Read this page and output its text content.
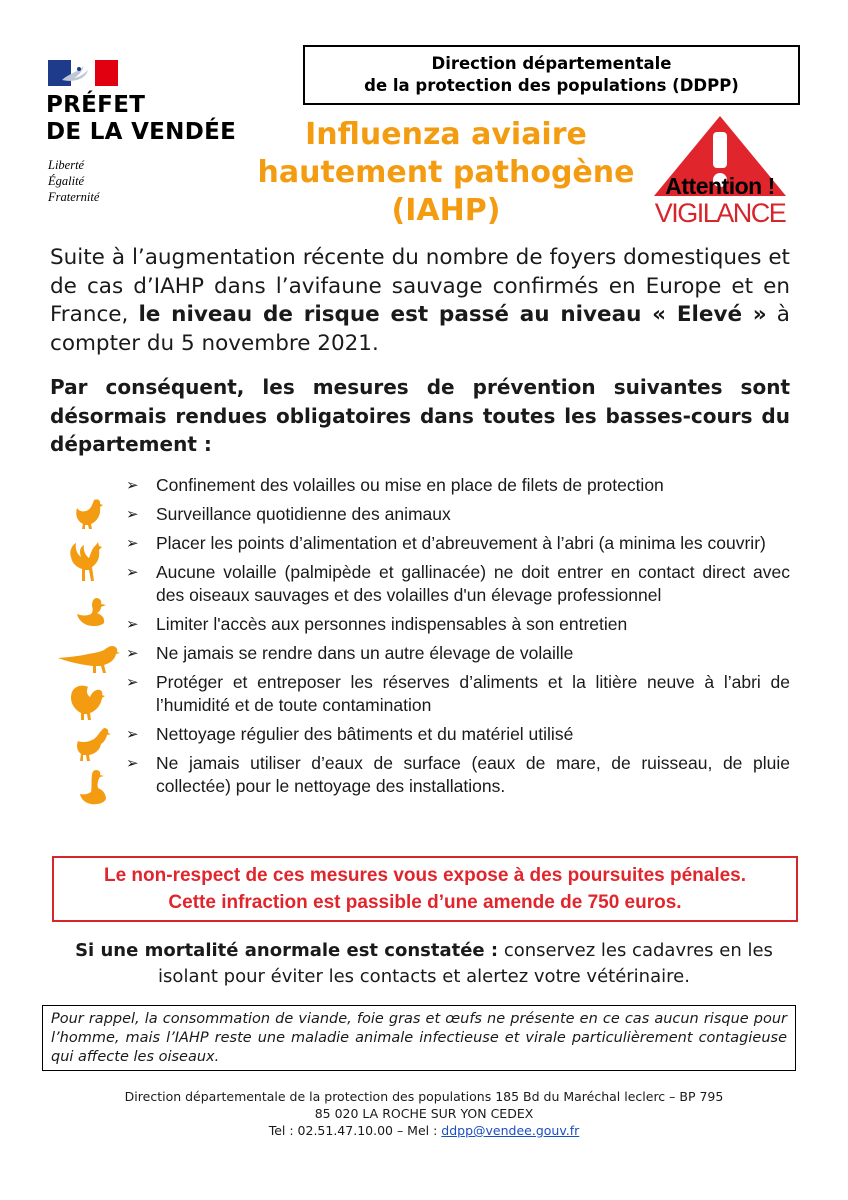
PRÉFET
DE LA VENDÉE
Liberté
Égalité
Fraternité
Direction départementale
de la protection des populations (DDPP)
Influenza aviaire
hautement pathogène
(IAHP)
Attention !
VIGILANCE
Suite à l’augmentation récente du nombre de foyers domestiques et de cas d’IAHP dans l’avifaune sauvage confirmés en Europe et en France, le niveau de risque est passé au niveau « Elevé » à compter du 5 novembre 2021.
Par conséquent, les mesures de prévention suivantes sont désormais rendues obligatoires dans toutes les basses-cours du département :
➢ Confinement des volailles ou mise en place de filets de protection
➢ Surveillance quotidienne des animaux
➢ Placer les points d’alimentation et d’abreuvement à l’abri (a minima les couvrir)
➢ Aucune volaille (palmipède et gallinacée) ne doit entrer en contact direct avec des oiseaux sauvages et des volailles d'un élevage professionnel
➢ Limiter l'accès aux personnes indispensables à son entretien
➢ Ne jamais se rendre dans un autre élevage de volaille
➢ Protéger et entreposer les réserves d’aliments et la litière neuve à l’abri de l’humidité et de toute contamination
➢ Nettoyage régulier des bâtiments et du matériel utilisé
➢ Ne jamais utiliser d’eaux de surface (eaux de mare, de ruisseau, de pluie collectée) pour le nettoyage des installations.
Le non-respect de ces mesures vous expose à des poursuites pénales.
Cette infraction est passible d’une amende de 750 euros.
Si une mortalité anormale est constatée : conservez les cadavres en les isolant pour éviter les contacts et alertez votre vétérinaire.
Pour rappel, la consommation de viande, foie gras et œufs ne présente en ce cas aucun risque pour l’homme, mais l’IAHP reste une maladie animale infectieuse et virale particulièrement contagieuse qui affecte les oiseaux.
Direction départementale de la protection des populations 185 Bd du Maréchal leclerc – BP 795
85 020 LA ROCHE SUR YON CEDEX
Tel : 02.51.47.10.00 – Mel : ddpp@vendee.gouv.fr
